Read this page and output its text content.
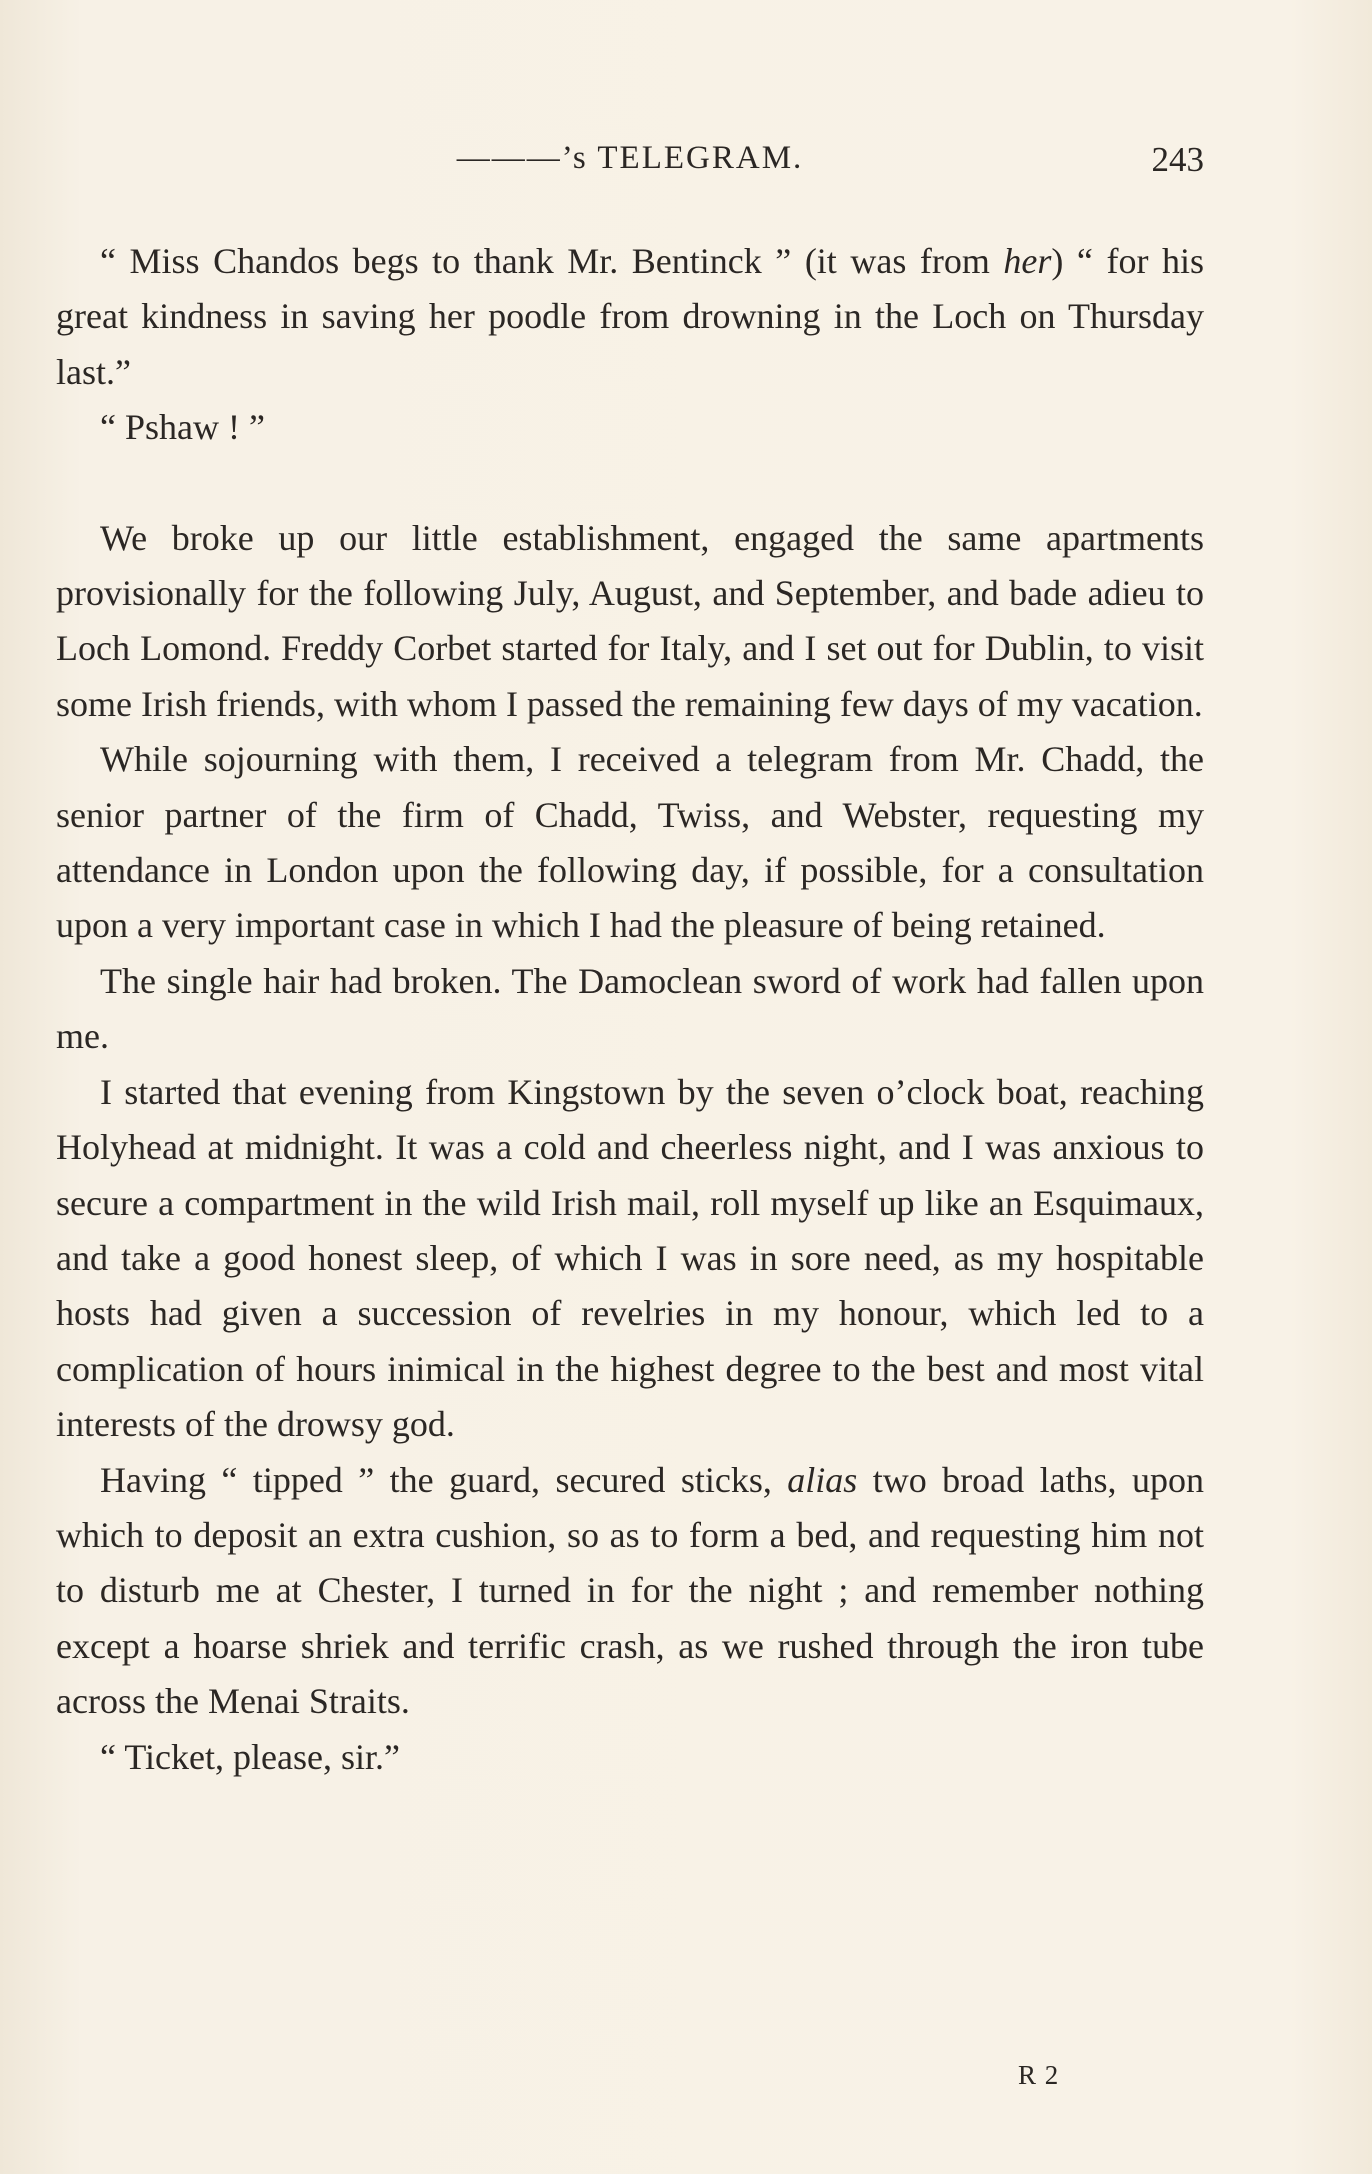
———’s TELEGRAM.	243

“ Miss Chandos begs to thank Mr. Bentinck ” (it was from her) “ for his great kindness in saving her poodle from drowning in the Loch on Thursday last.”

“ Pshaw ! ”

We broke up our little establishment, engaged the same apartments provisionally for the following July, August, and September, and bade adieu to Loch Lomond. Freddy Corbet started for Italy, and I set out for Dublin, to visit some Irish friends, with whom I passed the remaining few days of my vacation.

While sojourning with them, I received a telegram from Mr. Chadd, the senior partner of the firm of Chadd, Twiss, and Webster, requesting my attendance in London upon the following day, if possible, for a consultation upon a very important case in which I had the pleasure of being retained.

The single hair had broken. The Damoclean sword of work had fallen upon me.

I started that evening from Kingstown by the seven o’clock boat, reaching Holyhead at midnight. It was a cold and cheerless night, and I was anxious to secure a compartment in the wild Irish mail, roll myself up like an Esquimaux, and take a good honest sleep, of which I was in sore need, as my hospitable hosts had given a succession of revelries in my honour, which led to a complication of hours inimical in the highest degree to the best and most vital interests of the drowsy god.

Having “ tipped ” the guard, secured sticks, alias two broad laths, upon which to deposit an extra cushion, so as to form a bed, and requesting him not to disturb me at Chester, I turned in for the night ; and remember nothing except a hoarse shriek and terrific crash, as we rushed through the iron tube across the Menai Straits.

“ Ticket, please, sir.”

R 2
